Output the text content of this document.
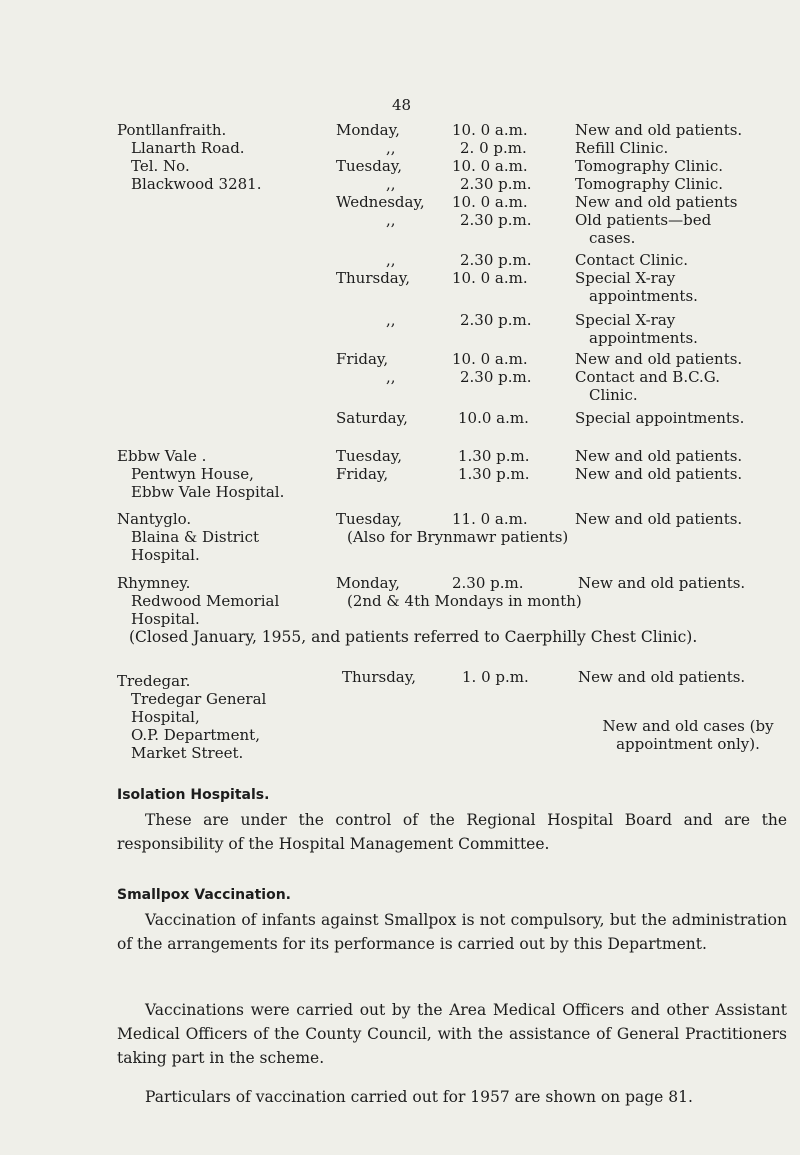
48
Pontllanfraith.
Llanarth Road.
Tel. No.
Blackwood 3281.
Monday,	10. 0 a.m.	New and old patients.
,,	2. 0 p.m.	Refill Clinic.
Tuesday,	10. 0 a.m.	Tomography Clinic.
,,	2.30 p.m.	Tomography Clinic.
Wednesday, 10. 0 a.m.	New and old patients
,,	2.30 p.m.	Old patients—bed
cases.
,,	2.30 p.m.	Contact Clinic.
Thursday,	10. 0 a.m.	Special X-ray
appointments.
,,	2.30 p.m.	Special X-ray
appointments.
Friday,	10. 0 a.m.	New and old patients.
,,	2.30 p.m.	Contact and B.C.G.
Clinic.
Saturday,	10.0 a.m.	Special appointments.
Ebbw Vale .
Pentwyn House,
Ebbw Vale Hospital.
Tuesday,	1.30 p.m.	New and old patients.
Friday,	1.30 p.m.	New and old patients.
Nantyglo.
Blaina & District
Hospital.
Tuesday,	11. 0 a.m.	New and old patients.
(Also for Brynmawr patients)
Rhymney.
Redwood Memorial
Hospital.
Monday,	2.30 p.m.	New and old patients.
(2nd & 4th Mondays in month)
(Closed January, 1955, and patients referred to Caerphilly Chest Clinic).
Tredegar.
Tredegar General
Hospital,
O.P. Department,
Market Street.
Thursday,	1. 0 p.m.	New and old patients.
New and old cases (by
appointment only).
Isolation Hospitals.
These are under the control of the Regional Hospital Board and are the responsibility of the Hospital Management Committee.
Smallpox Vaccination.
Vaccination of infants against Smallpox is not compulsory, but the administration of the arrangements for its performance is carried out by this Department.
Vaccinations were carried out by the Area Medical Officers and other Assistant Medical Officers of the County Council, with the assistance of General Practitioners taking part in the scheme.
Particulars of vaccination carried out for 1957 are shown on page 81.
